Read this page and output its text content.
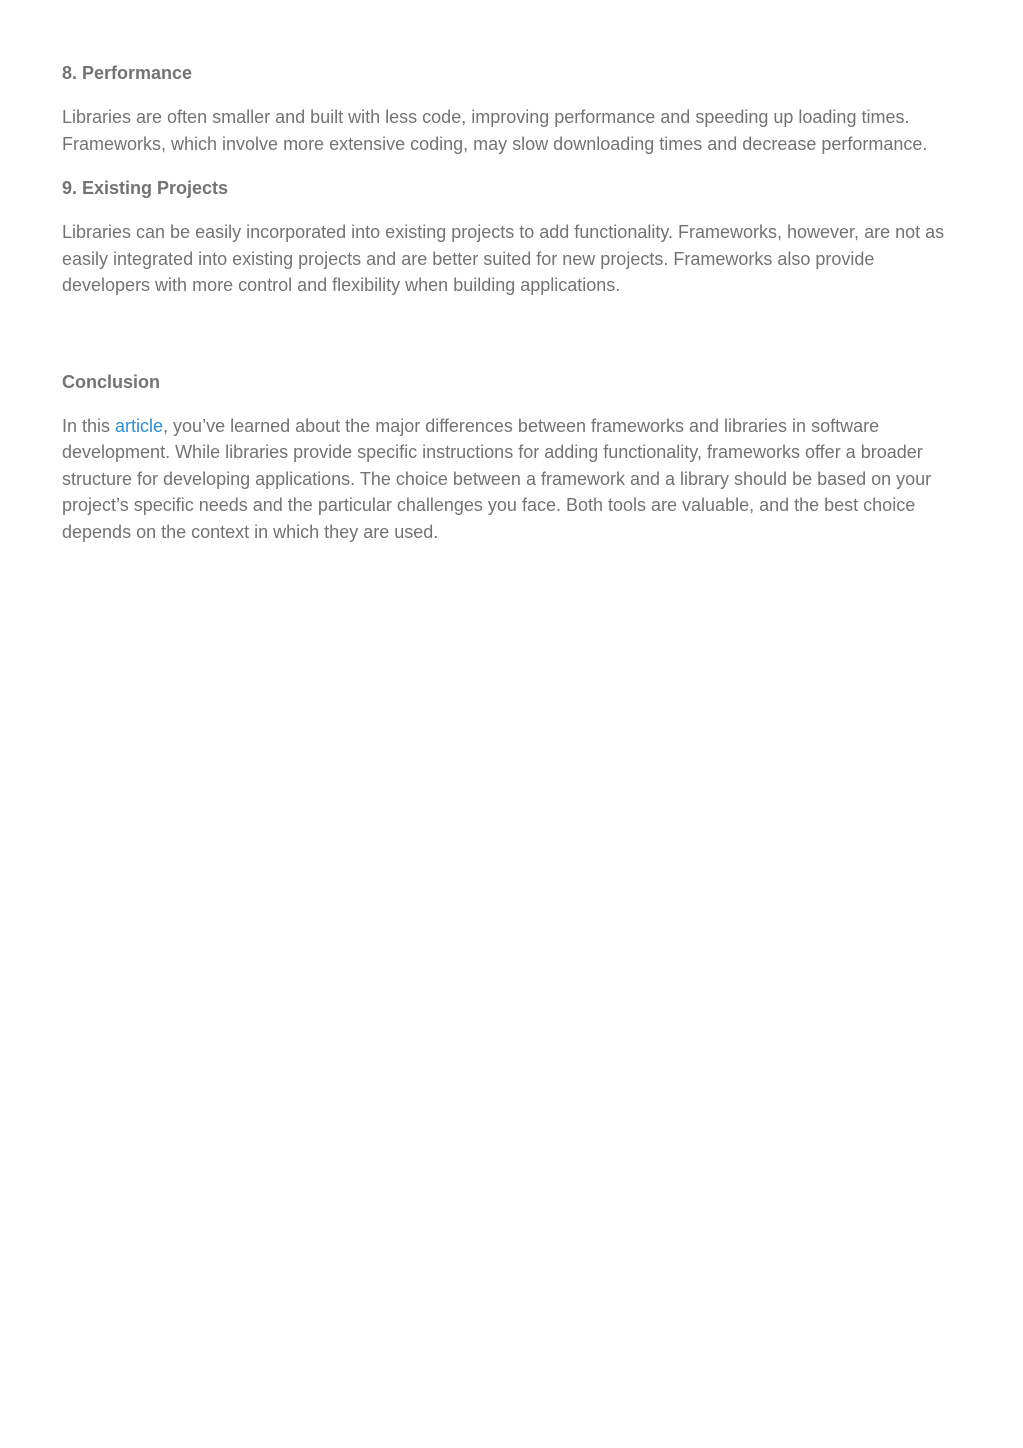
8. Performance

Libraries are often smaller and built with less code, improving performance and speeding up loading times. Frameworks, which involve more extensive coding, may slow downloading times and decrease performance.

9. Existing Projects

Libraries can be easily incorporated into existing projects to add functionality. Frameworks, however, are not as easily integrated into existing projects and are better suited for new projects. Frameworks also provide developers with more control and flexibility when building applications.

Conclusion

In this article, you’ve learned about the major differences between frameworks and libraries in software development. While libraries provide specific instructions for adding functionality, frameworks offer a broader structure for developing applications. The choice between a framework and a library should be based on your project’s specific needs and the particular challenges you face. Both tools are valuable, and the best choice depends on the context in which they are used.
